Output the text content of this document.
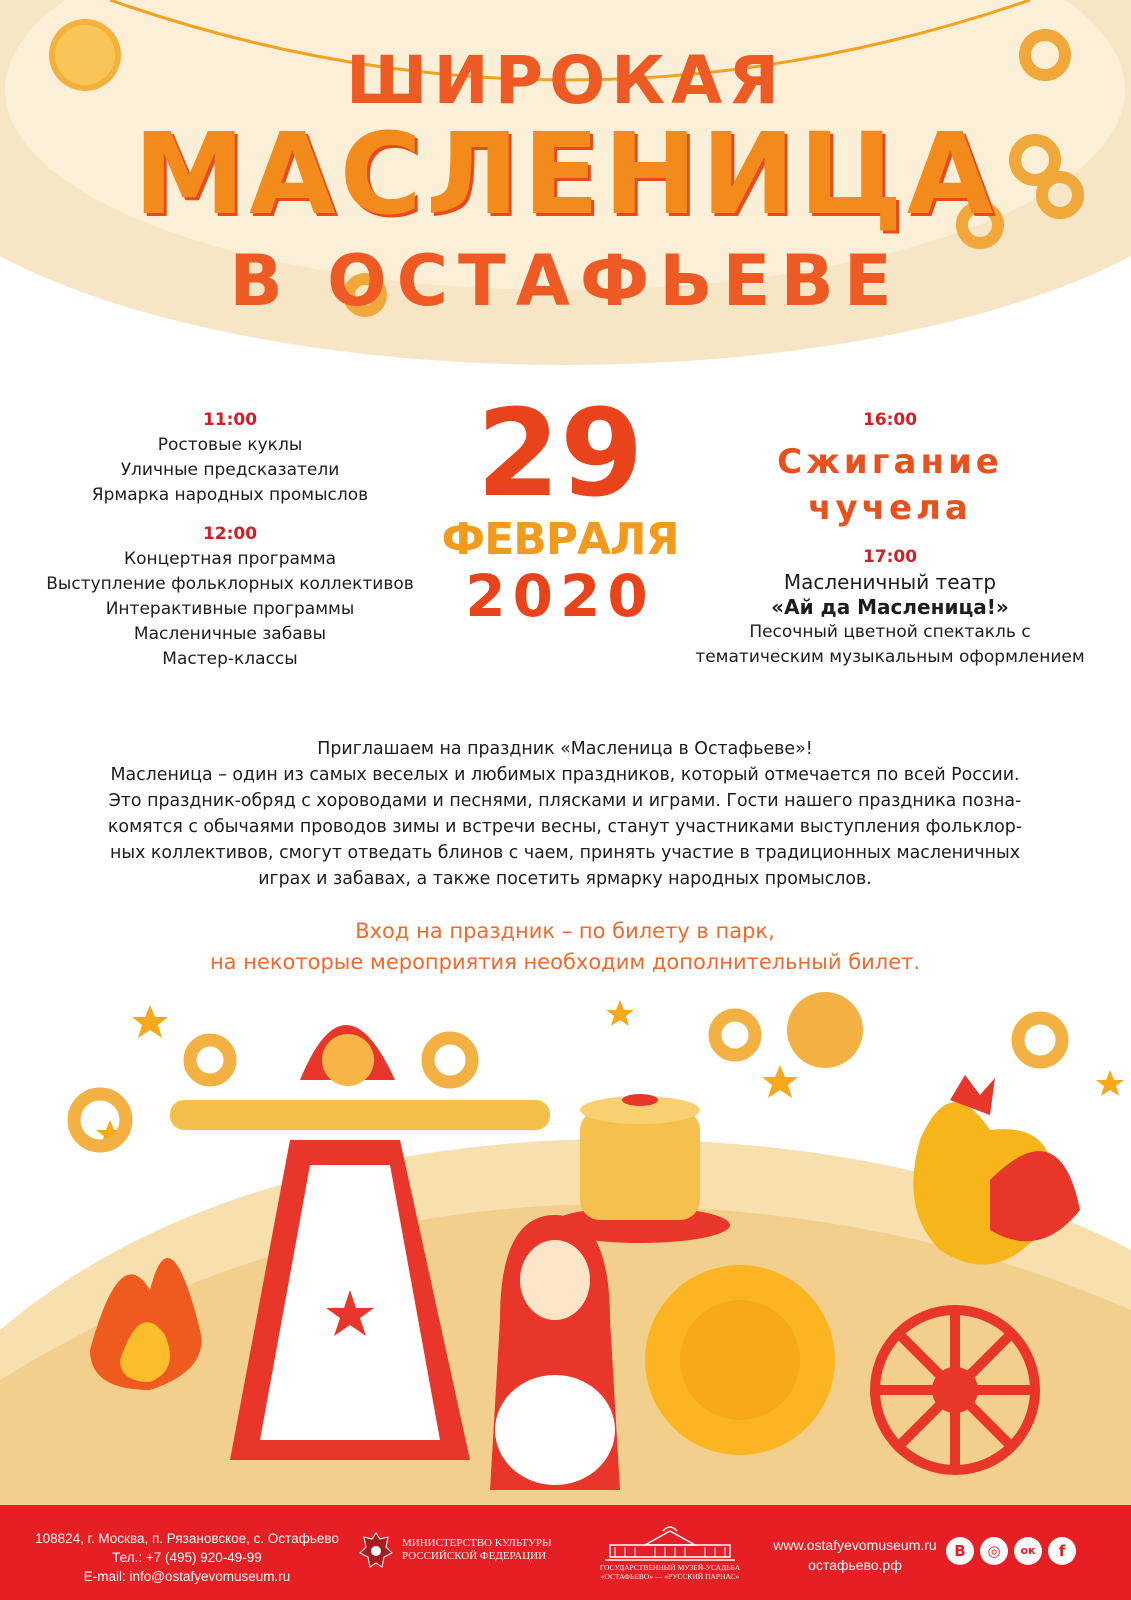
ШИРОКАЯ
МАСЛЕНИЦА
В ОСТАФЬЕВЕ
11:00
Ростовые куклы
Уличные предсказатели
Ярмарка народных промыслов
12:00
Концертная программа
Выступление фольклорных коллективов
Интерактивные программы
Масленичные забавы
Мастер-классы
29
ФЕВРАЛЯ
2020
16:00
Сжигание
чучела
17:00
Масленичный театр
«Ай да Масленица!»
Песочный цветной спектакль с
тематическим музыкальным оформлением
Приглашаем на праздник «Масленица в Остафьеве»!
Масленица – один из самых веселых и любимых праздников, который отмечается по всей России.
Это праздник-обряд с хороводами и песнями, плясками и играми. Гости нашего праздника позна-
комятся с обычаями проводов зимы и встречи весны, станут участниками выступления фольклор-
ных коллективов, смогут отведать блинов с чаем, принять участие в традиционных масленичных
играх и забавах, а также посетить ярмарку народных промыслов.
Вход на праздник – по билету в парк,
на некоторые мероприятия необходим дополнительный билет.
108824, г. Москва, п. Рязановское, с. Остафьево
Тел.: +7 (495) 920-49-99
E-mail: info@ostafyevomuseum.ru
МИНИСТЕРСТВО КУЛЬТУРЫ
РОССИЙСКОЙ ФЕДЕРАЦИИ
ГОСУДАРСТВЕННЫЙ МУЗЕЙ-УСАДЬБА
«ОСТАФЬЕВО» — «РУССКИЙ ПАРНАС»
www.ostafyevomuseum.ru
остафьево.рф
В	◎	ок	f
